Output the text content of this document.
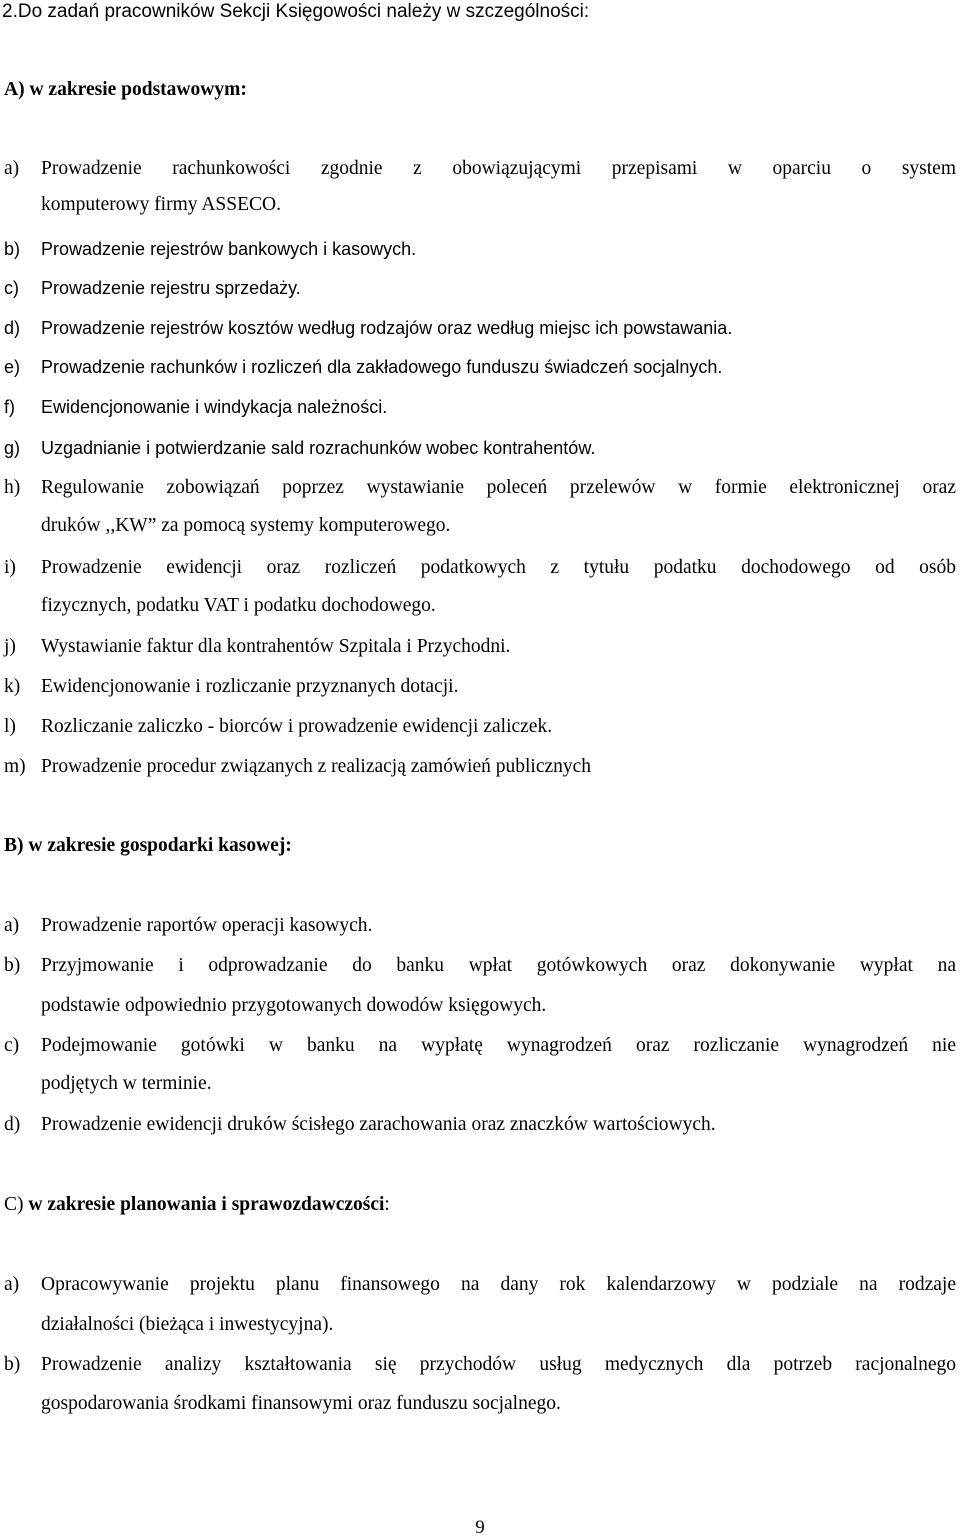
2.Do zadań pracowników Sekcji Księgowości należy w szczególności:
A) w zakresie podstawowym:
a) Prowadzenie rachunkowości zgodnie z obowiązującymi przepisami w oparciu o system
komputerowy firmy ASSECO.
b) Prowadzenie rejestrów bankowych i kasowych.
c) Prowadzenie rejestru sprzedaży.
d) Prowadzenie rejestrów kosztów według rodzajów oraz według miejsc ich powstawania.
e) Prowadzenie rachunków i rozliczeń dla zakładowego funduszu świadczeń socjalnych.
f) Ewidencjonowanie i windykacja należności.
g) Uzgadnianie i potwierdzanie sald rozrachunków wobec kontrahentów.
h) Regulowanie zobowiązań poprzez wystawianie poleceń przelewów w formie elektronicznej oraz
druków ,,KW” za pomocą systemy komputerowego.
i) Prowadzenie ewidencji oraz rozliczeń podatkowych z tytułu podatku dochodowego od osób
fizycznych, podatku VAT i podatku dochodowego.
j) Wystawianie faktur dla kontrahentów Szpitala i Przychodni.
k) Ewidencjonowanie i rozliczanie przyznanych dotacji.
l) Rozliczanie zaliczko - biorców i prowadzenie ewidencji zaliczek.
m) Prowadzenie procedur związanych z realizacją zamówień publicznych
B) w zakresie gospodarki kasowej:
a) Prowadzenie raportów operacji kasowych.
b) Przyjmowanie i odprowadzanie do banku wpłat gotówkowych oraz dokonywanie wypłat na
podstawie odpowiednio przygotowanych dowodów księgowych.
c) Podejmowanie gotówki w banku na wypłatę wynagrodzeń oraz rozliczanie wynagrodzeń nie
podjętych w terminie.
d) Prowadzenie ewidencji druków ścisłego zarachowania oraz znaczków wartościowych.
C) w zakresie planowania i sprawozdawczości:
a) Opracowywanie projektu planu finansowego na dany rok kalendarzowy w podziale na rodzaje
działalności (bieżąca i inwestycyjna).
b) Prowadzenie analizy kształtowania się przychodów usług medycznych dla potrzeb racjonalnego
gospodarowania środkami finansowymi oraz funduszu socjalnego.
9
